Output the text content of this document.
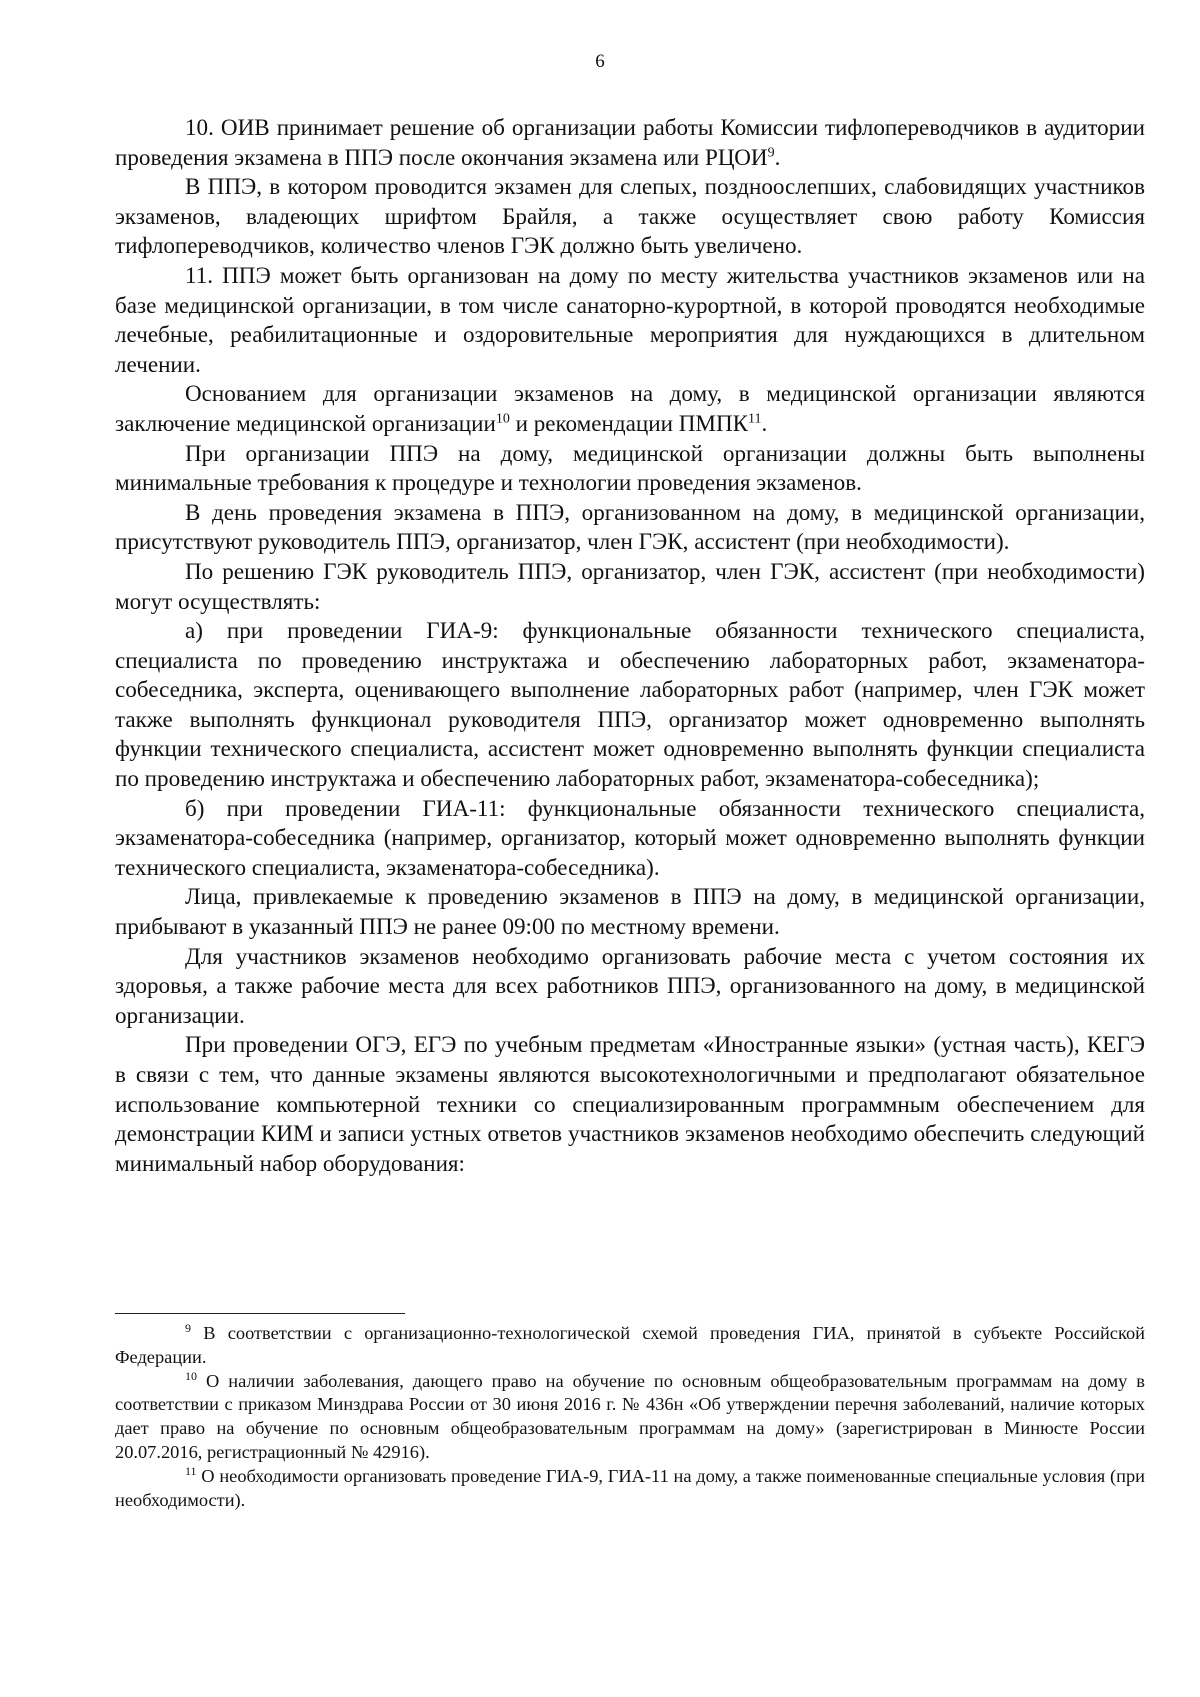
6

10. ОИВ принимает решение об организации работы Комиссии тифлопереводчиков в аудитории проведения экзамена в ППЭ после окончания экзамена или РЦОИ$^9$.

В ППЭ, в котором проводится экзамен для слепых, поздноослепших, слабовидящих участников экзаменов, владеющих шрифтом Брайля, а также осуществляет свою работу Комиссия тифлопереводчиков, количество членов ГЭК должно быть увеличено.

11. ППЭ может быть организован на дому по месту жительства участников экзаменов или на базе медицинской организации, в том числе санаторно-курортной, в которой проводятся необходимые лечебные, реабилитационные и оздоровительные мероприятия для нуждающихся в длительном лечении.

Основанием для организации экзаменов на дому, в медицинской организации являются заключение медицинской организации$^{10}$ и рекомендации ПМПК$^{11}$.

При организации ППЭ на дому, медицинской организации должны быть выполнены минимальные требования к процедуре и технологии проведения экзаменов.

В день проведения экзамена в ППЭ, организованном на дому, в медицинской организации, присутствуют руководитель ППЭ, организатор, член ГЭК, ассистент (при необходимости).

По решению ГЭК руководитель ППЭ, организатор, член ГЭК, ассистент (при необходимости) могут осуществлять:

а) при проведении ГИА-9: функциональные обязанности технического специалиста, специалиста по проведению инструктажа и обеспечению лабораторных работ, экзаменатора-собеседника, эксперта, оценивающего выполнение лабораторных работ (например, член ГЭК может также выполнять функционал руководителя ППЭ, организатор может одновременно выполнять функции технического специалиста, ассистент может одновременно выполнять функции специалиста по проведению инструктажа и обеспечению лабораторных работ, экзаменатора-собеседника);

б) при проведении ГИА-11: функциональные обязанности технического специалиста, экзаменатора-собеседника (например, организатор, который может одновременно выполнять функции технического специалиста, экзаменатора-собеседника).

Лица, привлекаемые к проведению экзаменов в ППЭ на дому, в медицинской организации, прибывают в указанный ППЭ не ранее 09:00 по местному времени.

Для участников экзаменов необходимо организовать рабочие места с учетом состояния их здоровья, а также рабочие места для всех работников ППЭ, организованного на дому, в медицинской организации.

При проведении ОГЭ, ЕГЭ по учебным предметам «Иностранные языки» (устная часть), КЕГЭ в связи с тем, что данные экзамены являются высокотехнологичными и предполагают обязательное использование компьютерной техники со специализированным программным обеспечением для демонстрации КИМ и записи устных ответов участников экзаменов необходимо обеспечить следующий минимальный набор оборудования:

$^9$ В соответствии с организационно-технологической схемой проведения ГИА, принятой в субъекте Российской Федерации.

$^{10}$ О наличии заболевания, дающего право на обучение по основным общеобразовательным программам на дому в соответствии с приказом Минздрава России от 30 июня 2016 г. № 436н «Об утверждении перечня заболеваний, наличие которых дает право на обучение по основным общеобразовательным программам на дому» (зарегистрирован в Минюсте России 20.07.2016, регистрационный № 42916).

$^{11}$ О необходимости организовать проведение ГИА-9, ГИА-11 на дому, а также поименованные специальные условия (при необходимости).
